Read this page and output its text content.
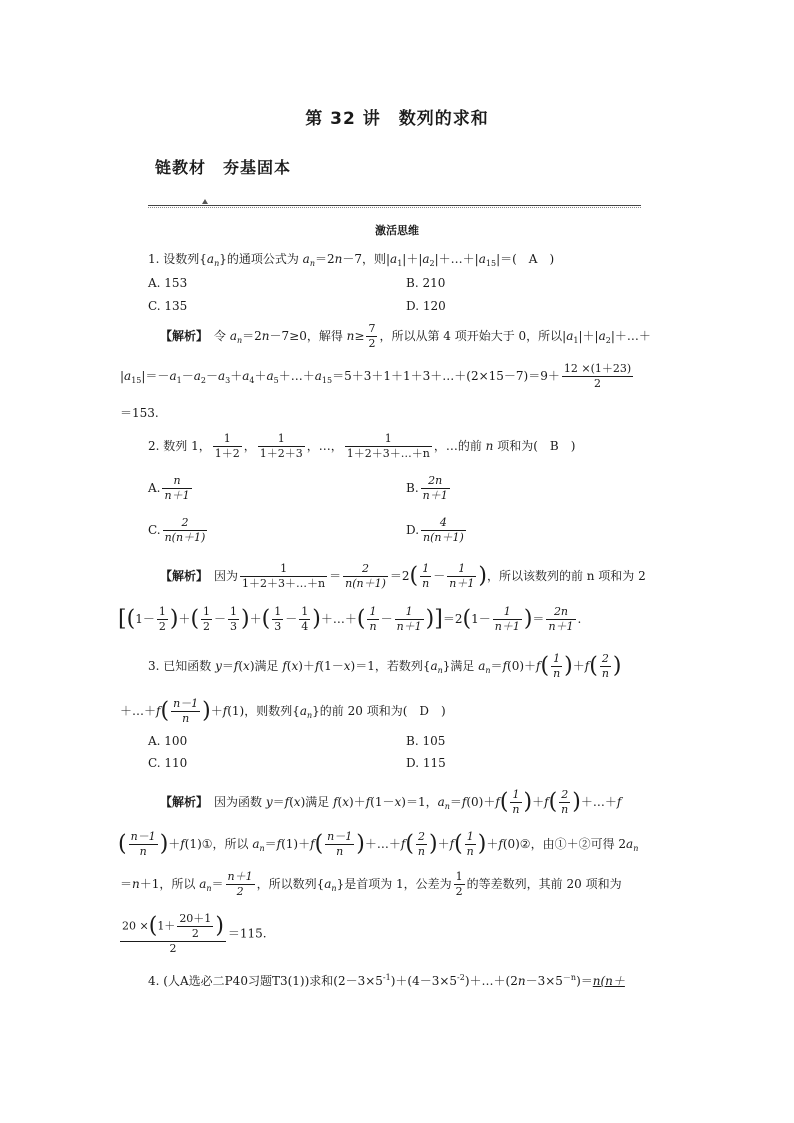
第 32 讲　数列的求和
链教材　夯基固本
激活思维
1. 设数列$\{a_n\}$的通项公式为 $a_n=2n-7$，则$|a_1|+|a_2|+\dots+|a_{15}|=$(　A　)
A. 153	B. 210
C. 135	D. 120
【解析】　令 $a_n=2n-7\ge 0$，解得 $n\ge \frac{7}{2}$ ，所以从第 4 项开始大于 0，所以$|a_1|+|a_2|+\dots+$
$|a_{15}|=-a_1-a_2-a_3+a_4+a_5+\dots+a_{15}=5+3+1+1+3+\dots+(2\times 15-7)=9+ \frac{12 \times(1+23)}{2}$
＝153.
2. 数列 1， $\frac{1}{1+2}$ ， $\frac{1}{1+2+3}$ ，…， $\frac{1}{1+2+3+\dots+n}$ ，…的前 n 项和为(　B　)
A. $\frac{n}{n+1}$	B. $\frac{2n}{n+1}$
C. $\frac{2}{n(n+1)}$	D. $\frac{4}{n(n+1)}$
【解析】　因为 $\frac{1}{1+2+3+\dots+n} = \frac{2}{n(n+1)} =2( \frac{1}{n} - \frac{1}{n+1}$ )，所以该数列的前 n 项和为 2
[($1- \frac{1}{2}$ )＋( $\frac{1}{2} - \frac{1}{3}$ )＋( $\frac{1}{3} - \frac{1}{4}$ )＋…＋( $\frac{1}{n} - \frac{1}{n+1} )]=2(1- \frac{1}{n+1}$ )＝ $\frac{2n}{n+1}$ .
3. 已知函数 y＝f(x)满足 f(x)＋f(1－x)＝1，若数列$\{a_n\}$满足 $a_n=f(0)+f( \frac{1}{n} )+f( \frac{2}{n}$ )
＋…＋f( $\frac{n-1}{n} )+f(1)$，则数列$\{a_n\}$的前 20 项和为(　D　)
A. 100	B. 105
C. 110	D. 115
【解析】　因为函数 y＝f(x)满足 f(x)＋f(1－x)＝1，$a_n=f(0)+f( \frac{1}{n} )+f( \frac{2}{n}$ )＋…＋f
( $\frac{n-1}{n}$ )＋f(1)①，所以 $a_n=f(1)+f( \frac{n-1}{n}$ )＋…＋f( $\frac{2}{n} )+f( \frac{1}{n}$ )＋f(0)②，由①＋②可得 $2a_n$
＝n＋1，所以 $a_n= \frac{n+1}{2}$ ，所以数列$\{a_n\}$是首项为 1，公差为 $\frac{1}{2}$ 的等差数列，其前 20 项和为
$\frac{20 \times(1+ \frac{20+1}{2} )}{2} =115$.
4. (人A选必二P40习题T3(1))求和$(2-3\times 5^{-1})+(4-3\times 5^{-2})+\dots+(2n-3\times 5^{-n})=n(n+$
